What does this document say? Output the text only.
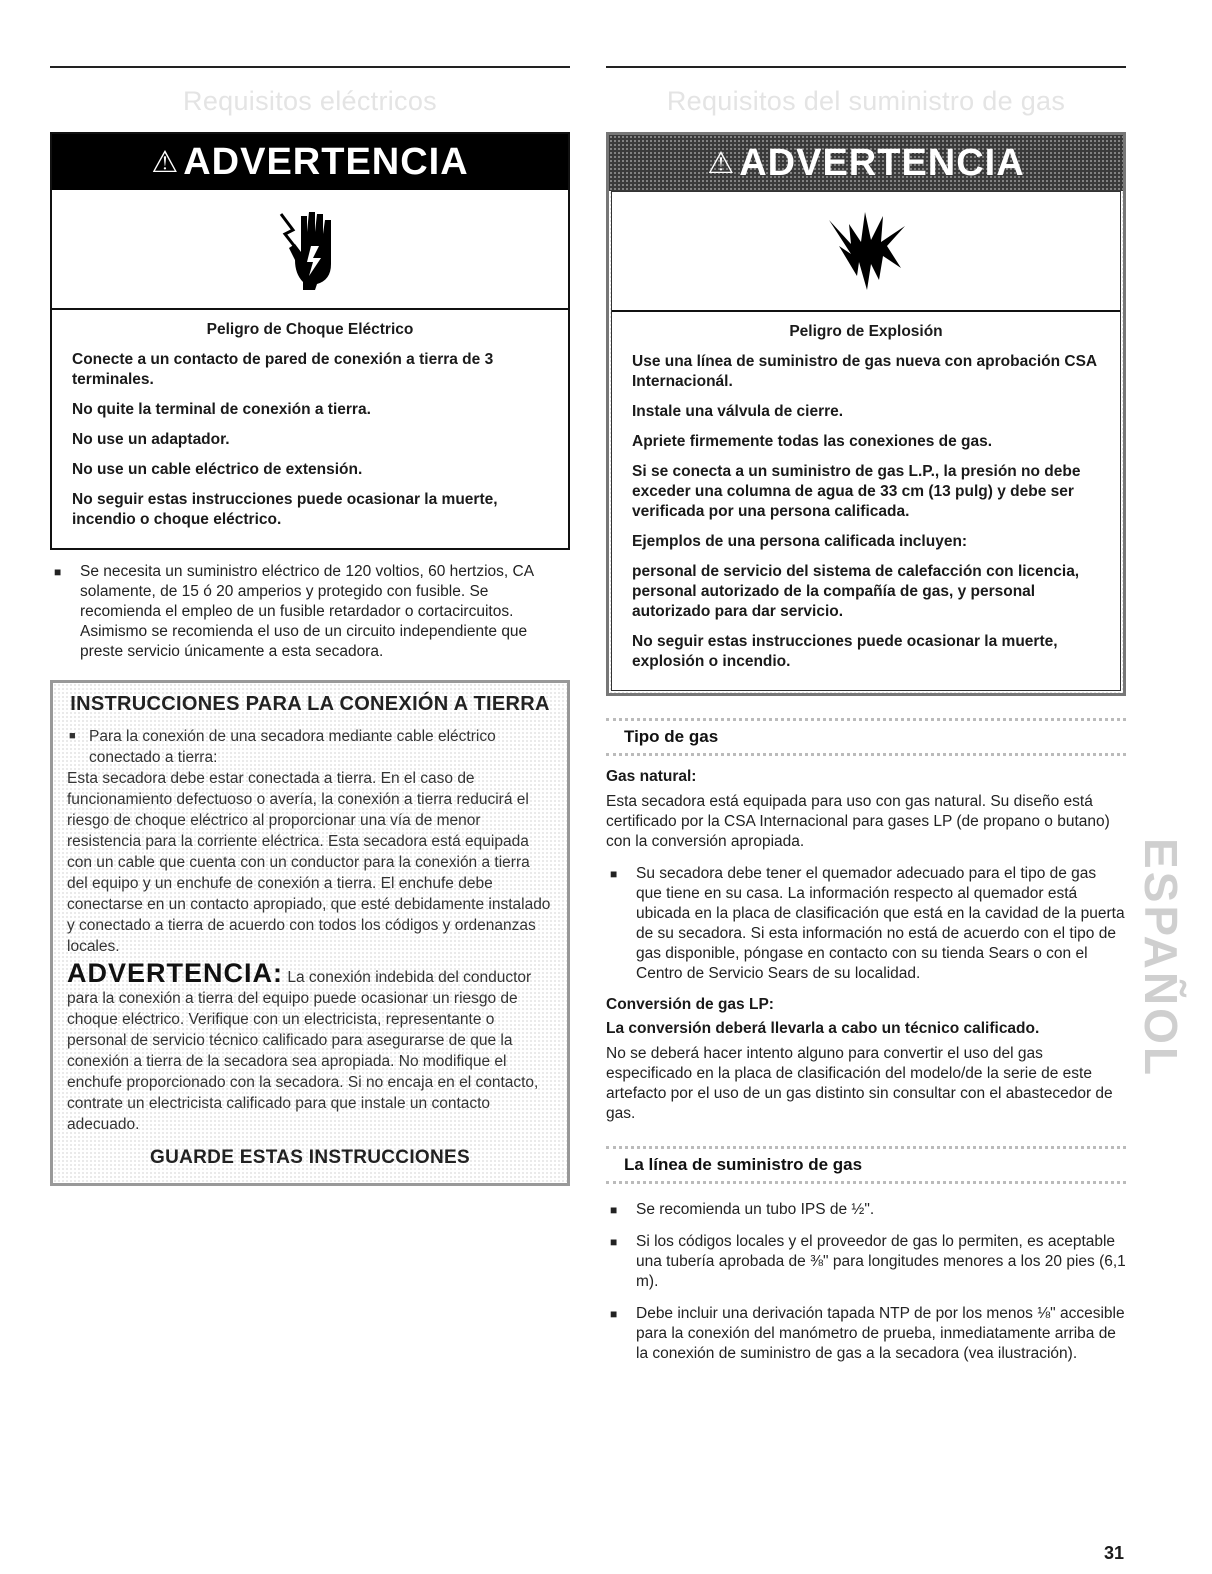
Requisitos eléctricos
⚠ ADVERTENCIA

Peligro de Choque Eléctrico

Conecte a un contacto de pared de conexión a tierra de 3 terminales.

No quite la terminal de conexión a tierra.

No use un adaptador.

No use un cable eléctrico de extensión.

No seguir estas instrucciones puede ocasionar la muerte, incendio o choque eléctrico.

■ Se necesita un suministro eléctrico de 120 voltios, 60 hertzios, CA solamente, de 15 ó 20 amperios y protegido con fusible. Se recomienda el empleo de un fusible retardador o cortacircuitos. Asimismo se recomienda el uso de un circuito independiente que preste servicio únicamente a esta secadora.
INSTRUCCIONES PARA LA CONEXIÓN A TIERRA

■ Para la conexión de una secadora mediante cable eléctrico conectado a tierra:

Esta secadora debe estar conectada a tierra. En el caso de funcionamiento defectuoso o avería, la conexión a tierra reducirá el riesgo de choque eléctrico al proporcionar una vía de menor resistencia para la corriente eléctrica. Esta secadora está equipada con un cable que cuenta con un conductor para la conexión a tierra del equipo y un enchufe de conexión a tierra. El enchufe debe conectarse en un contacto apropiado, que esté debidamente instalado y conectado a tierra de acuerdo con todos los códigos y ordenanzas locales.

ADVERTENCIA: La conexión indebida del conductor para la conexión a tierra del equipo puede ocasionar un riesgo de choque eléctrico. Verifique con un electricista, representante o personal de servicio técnico calificado para asegurarse de que la conexión a tierra de la secadora sea apropiada. No modifique el enchufe proporcionado con la secadora. Si no encaja en el contacto, contrate un electricista calificado para que instale un contacto adecuado.

GUARDE ESTAS INSTRUCCIONES
Requisitos del suministro de gas
⚠ ADVERTENCIA

Peligro de Explosión

Use una línea de suministro de gas nueva con aprobación CSA Internacionál.

Instale una válvula de cierre.

Apriete firmemente todas las conexiones de gas.

Si se conecta a un suministro de gas L.P., la presión no debe exceder una columna de agua de 33 cm (13 pulg) y debe ser verificada por una persona calificada.

Ejemplos de una persona calificada incluyen:

personal de servicio del sistema de calefacción con licencia, personal autorizado de la compañía de gas, y personal autorizado para dar servicio.

No seguir estas instrucciones puede ocasionar la muerte, explosión o incendio.

Tipo de gas
Gas natural:

Esta secadora está equipada para uso con gas natural. Su diseño está certificado por la CSA Internacional para gases LP (de propano o butano) con la conversión apropiada.

■ Su secadora debe tener el quemador adecuado para el tipo de gas que tiene en su casa. La información respecto al quemador está ubicada en la placa de clasificación que está en la cavidad de la puerta de su secadora. Si esta información no está de acuerdo con el tipo de gas disponible, póngase en contacto con su tienda Sears o con el Centro de Servicio Sears de su localidad.
Conversión de gas LP:
La conversión deberá llevarla a cabo un técnico calificado.

No se deberá hacer intento alguno para convertir el uso del gas especificado en la placa de clasificación del modelo/de la serie de este artefacto por el uso de un gas distinto sin consultar con el abastecedor de gas.

La línea de suministro de gas
■ Se recomienda un tubo IPS de ½".
■ Si los códigos locales y el proveedor de gas lo permiten, es aceptable una tubería aprobada de ⅜" para longitudes menores a los 20 pies (6,1 m).
■ Debe incluir una derivación tapada NTP de por los menos ⅛" accesible para la conexión del manómetro de prueba, inmediatamente arriba de la conexión de suministro de gas a la secadora (vea ilustración).
ESPAÑOL
31
